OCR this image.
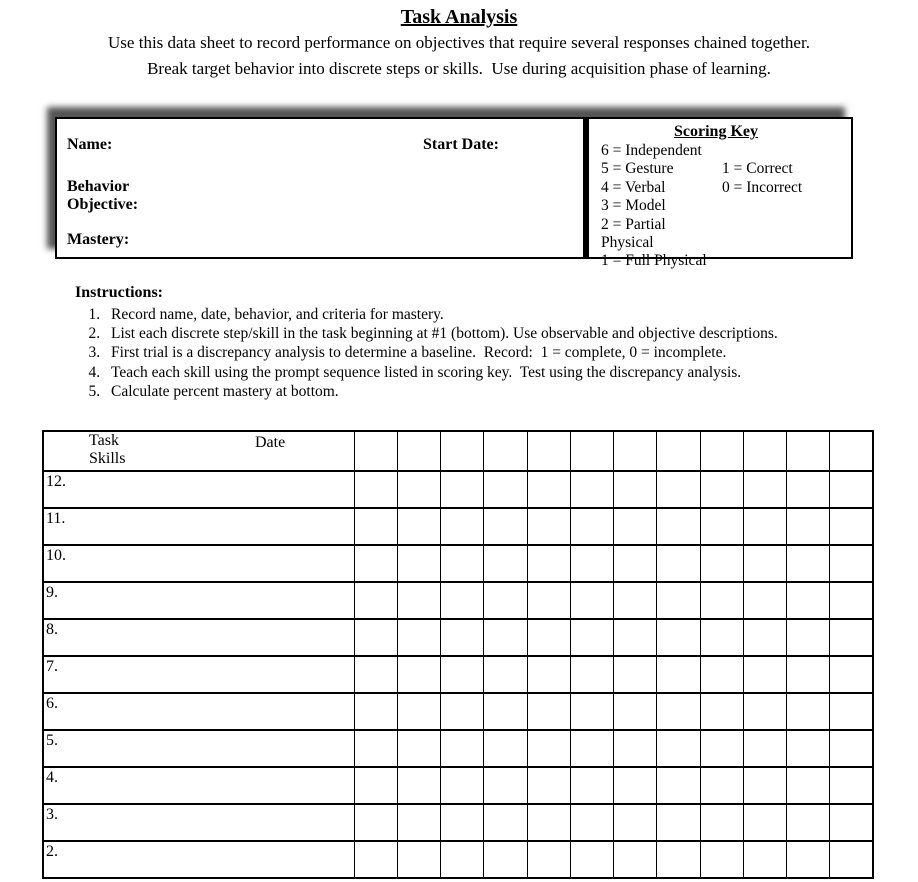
Task Analysis

Use this data sheet to record performance on objectives that require several responses chained together.

Break target behavior into discrete steps or skills.  Use during acquisition phase of learning.

Name:	Start Date:
Behavior
Objective:
Mastery:
Scoring Key
6 = Independent
5 = Gesture	1 = Correct
4 = Verbal	0 = Incorrect
3 = Model
2 = Partial Physical
1 = Full Physical
Instructions:
1. Record name, date, behavior, and criteria for mastery.
2. List each discrete step/skill in the task beginning at #1 (bottom). Use observable and objective descriptions.
3. First trial is a discrepancy analysis to determine a baseline.  Record:  1 = complete, 0 = incomplete.
4. Teach each skill using the prompt sequence listed in scoring key.  Test using the discrepancy analysis.
5. Calculate percent mastery at bottom.
Task
Skills
Date												

12.												
11.												
10.												
9.												
8.												
7.												
6.												
5.												
4.												
3.												
2.												
